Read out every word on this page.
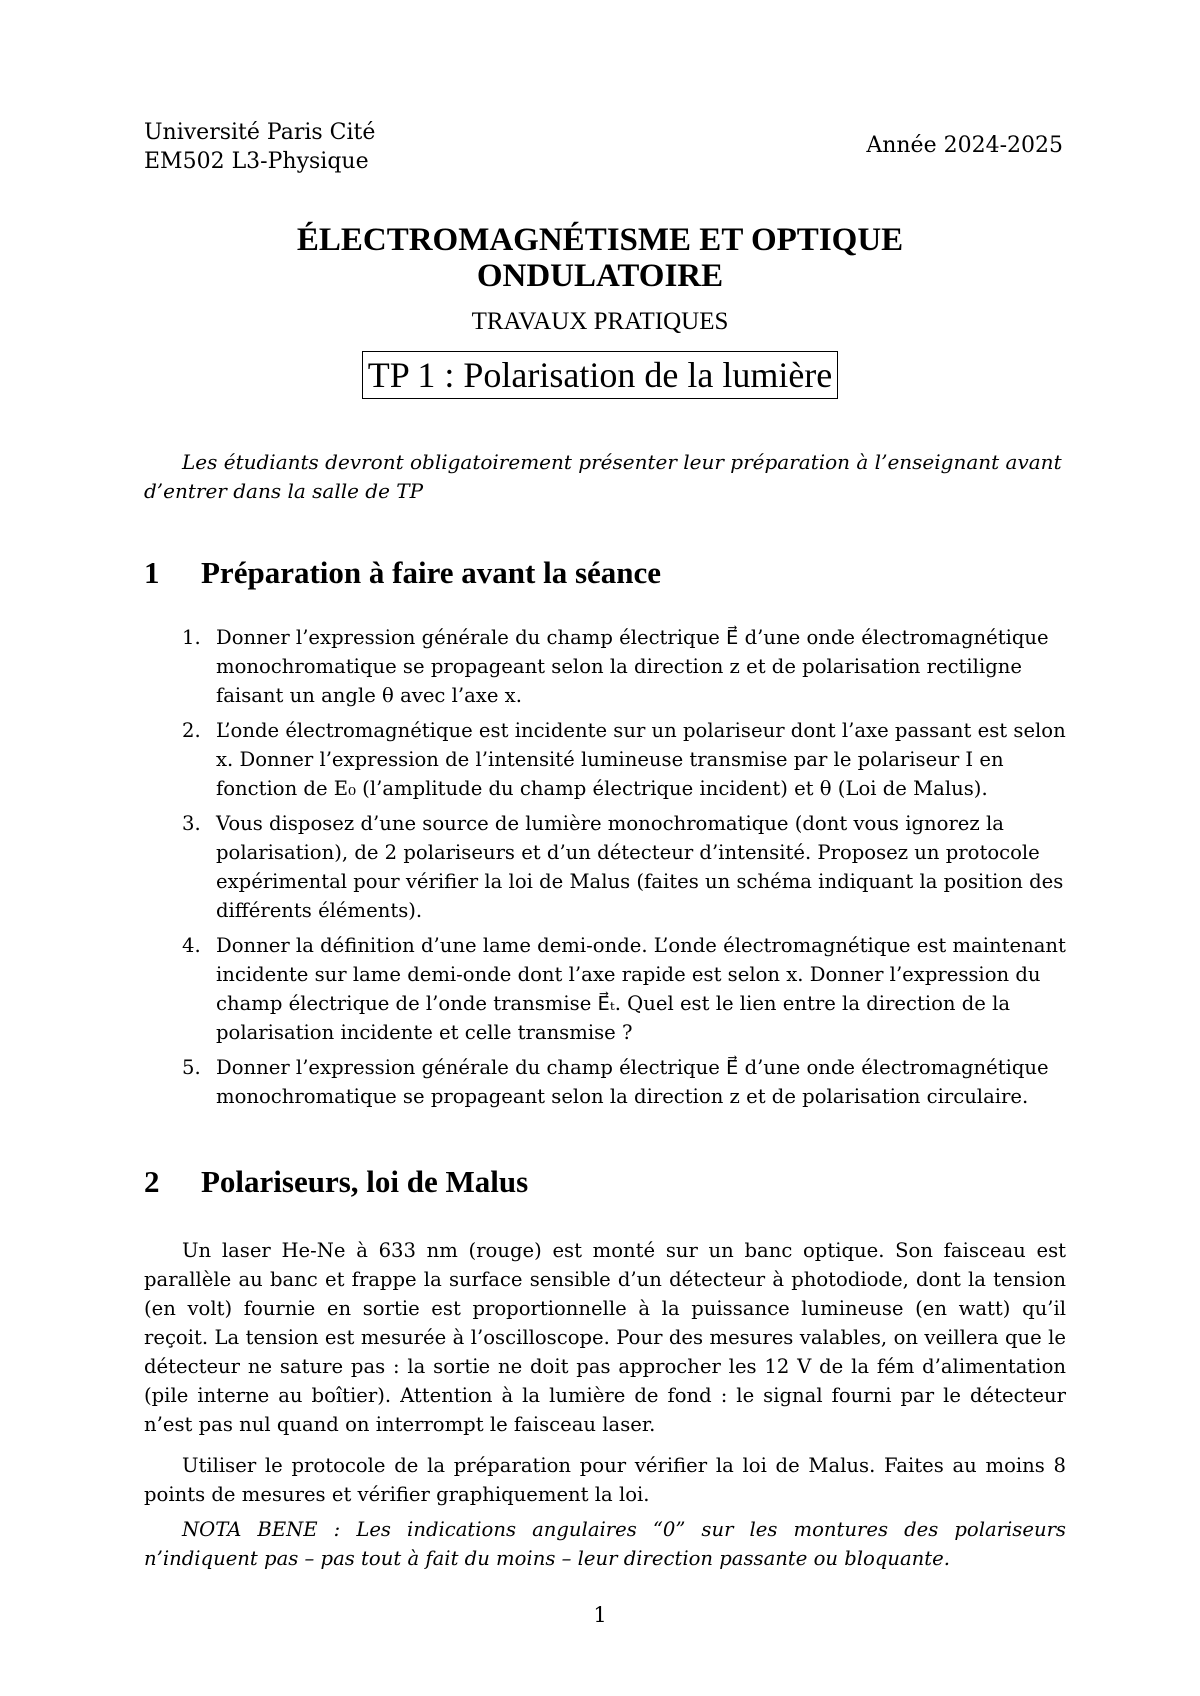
Université Paris Cité
EM502 L3-Physique
Année 2024-2025
ÉLECTROMAGNÉTISME ET OPTIQUE
ONDULATOIRE
TRAVAUX PRATIQUES
TP 1 : Polarisation de la lumière
Les étudiants devront obligatoirement présenter leur préparation à l’enseignant avant d’entrer dans la salle de TP
1 Préparation à faire avant la séance
1. Donner l’expression générale du champ électrique E⃗ d’une onde électromagnétique monochromatique se propageant selon la direction z et de polarisation rectiligne faisant un angle θ avec l’axe x.
2. L’onde électromagnétique est incidente sur un polariseur dont l’axe passant est selon x. Donner l’expression de l’intensité lumineuse transmise par le polariseur I en fonction de E₀ (l’amplitude du champ électrique incident) et θ (Loi de Malus).
3. Vous disposez d’une source de lumière monochromatique (dont vous ignorez la polarisation), de 2 polariseurs et d’un détecteur d’intensité. Proposez un protocole expérimental pour vérifier la loi de Malus (faites un schéma indiquant la position des différents éléments).
4. Donner la définition d’une lame demi-onde. L’onde électromagnétique est maintenant incidente sur lame demi-onde dont l’axe rapide est selon x. Donner l’expression du champ électrique de l’onde transmise E⃗ₜ. Quel est le lien entre la direction de la polarisation incidente et celle transmise ?
5. Donner l’expression générale du champ électrique E⃗ d’une onde électromagnétique monochromatique se propageant selon la direction z et de polarisation circulaire.
2 Polariseurs, loi de Malus

Un laser He-Ne à 633 nm (rouge) est monté sur un banc optique. Son faisceau est parallèle au banc et frappe la surface sensible d’un détecteur à photodiode, dont la tension (en volt) fournie en sortie est proportionnelle à la puissance lumineuse (en watt) qu’il reçoit. La tension est mesurée à l’oscilloscope. Pour des mesures valables, on veillera que le détecteur ne sature pas : la sortie ne doit pas approcher les 12 V de la fém d’alimentation (pile interne au boîtier). Attention à la lumière de fond : le signal fourni par le détecteur n’est pas nul quand on interrompt le faisceau laser.

Utiliser le protocole de la préparation pour vérifier la loi de Malus. Faites au moins 8 points de mesures et vérifier graphiquement la loi.

NOTA BENE : Les indications angulaires “0” sur les montures des polariseurs n’indiquent pas – pas tout à fait du moins – leur direction passante ou bloquante.

1
